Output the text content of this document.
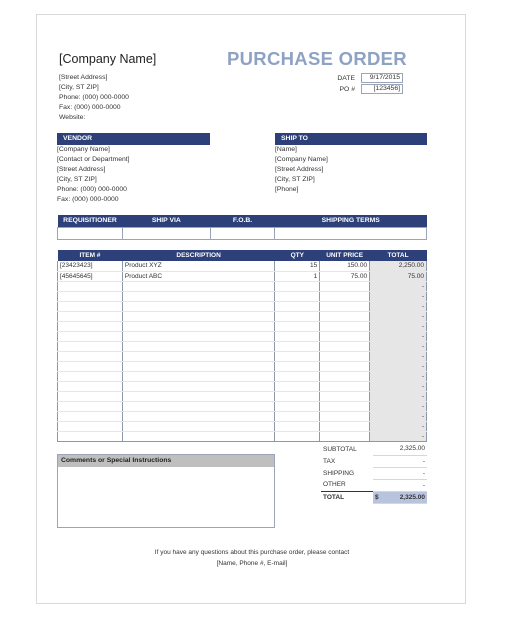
[Company Name]
[Street Address]
[City, ST ZIP]
Phone: (000) 000-0000
Fax: (000) 000-0000
Website:
PURCHASE ORDER
DATE	9/17/2015
PO #	[123456]
VENDOR
[Company Name]
[Contact or Department]
[Street Address]
[City, ST ZIP]
Phone: (000) 000-0000
Fax: (000) 000-0000
SHIP TO
[Name]
[Company Name]
[Street Address]
[City, ST ZIP]
[Phone]
REQUISITIONER	SHIP VIA	F.O.B.	SHIPPING TERMS

ITEM #	DESCRIPTION	QTY	UNIT PRICE	TOTAL
[23423423]	Product XYZ	15	150.00	2,250.00
[45645645]	Product ABC	1	75.00	75.00
				-
				-
				-
				-
				-
				-
				-
				-
				-
				-
				-
				-
				-
				-
				-
				-
Comments or Special Instructions
SUBTOTAL	2,325.00
TAX	-
SHIPPING	-
OTHER	-
TOTAL	$ 2,325.00
If you have any questions about this purchase order, please contact
[Name, Phone #, E-mail]
